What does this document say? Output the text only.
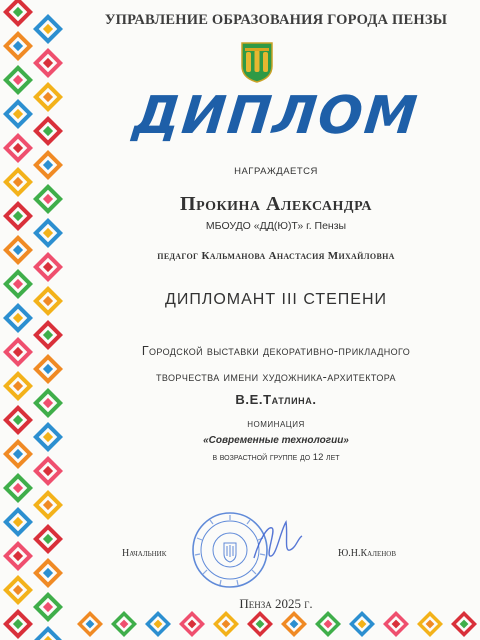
УПРАВЛЕНИЕ ОБРАЗОВАНИЯ ГОРОДА ПЕНЗЫ

ДИПЛОМ

НАГРАЖДАЕТСЯ

Прокина Александра

МБОУДО «ДД(Ю)Т» г. Пензы

педагог Кальманова Анастасия Михайловна

ДИПЛОМАНТ III СТЕПЕНИ

Городской выставки декоративно-прикладного

творчества имени художника-архитектора

В.Е.Татлина.

НОМИНАЦИЯ

«Современные технологии»

в возрастной группе до 12 лет

Начальник	Ю.Н.Каленов

Пенза 2025 г.
